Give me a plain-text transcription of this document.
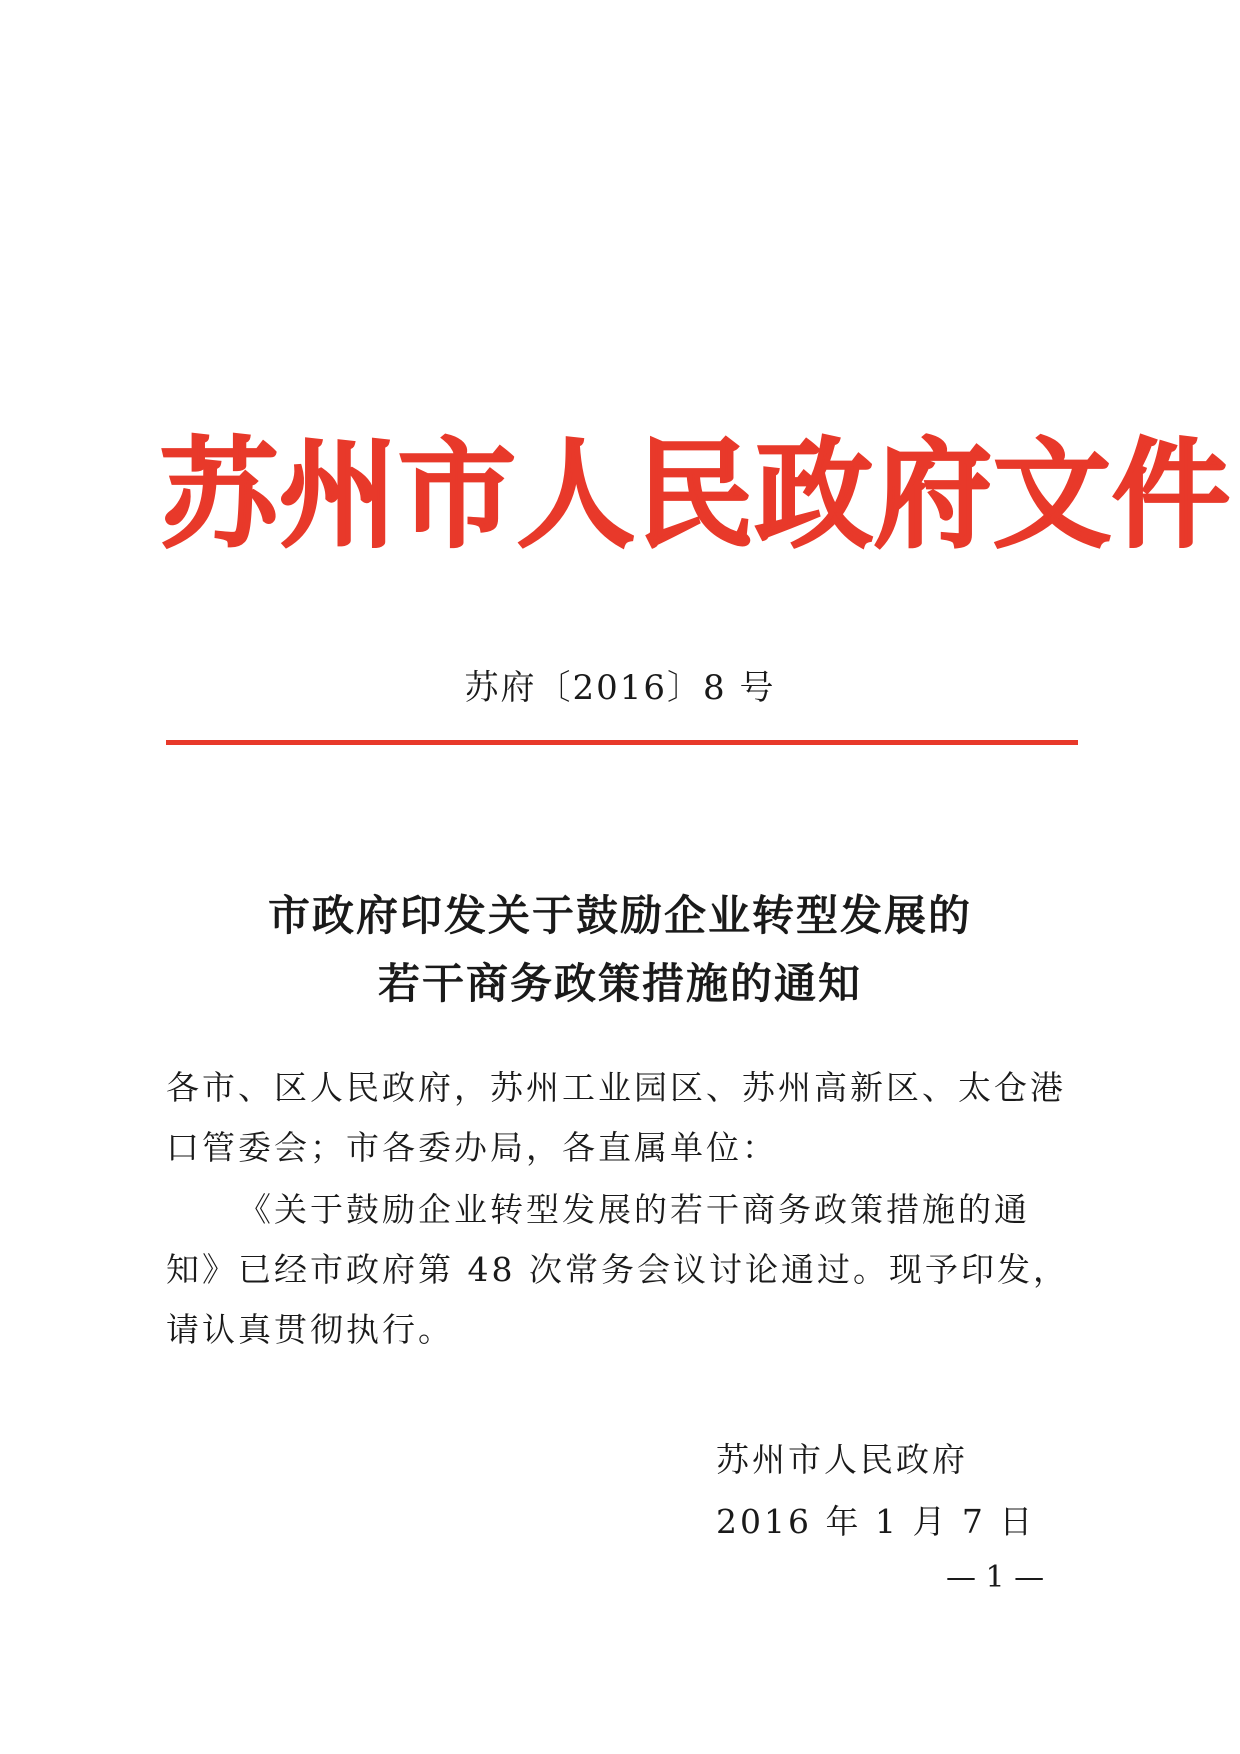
苏州市人民政府文件
苏府〔2016〕8 号
市政府印发关于鼓励企业转型发展的
若干商务政策措施的通知
各市、区人民政府，苏州工业园区、苏州高新区、太仓港口管委会；市各委办局，各直属单位：
《关于鼓励企业转型发展的若干商务政策措施的通知》已经市政府第 48 次常务会议讨论通过。现予印发，请认真贯彻执行。
苏州市人民政府
2016 年 1 月 7 日
— 1 —
